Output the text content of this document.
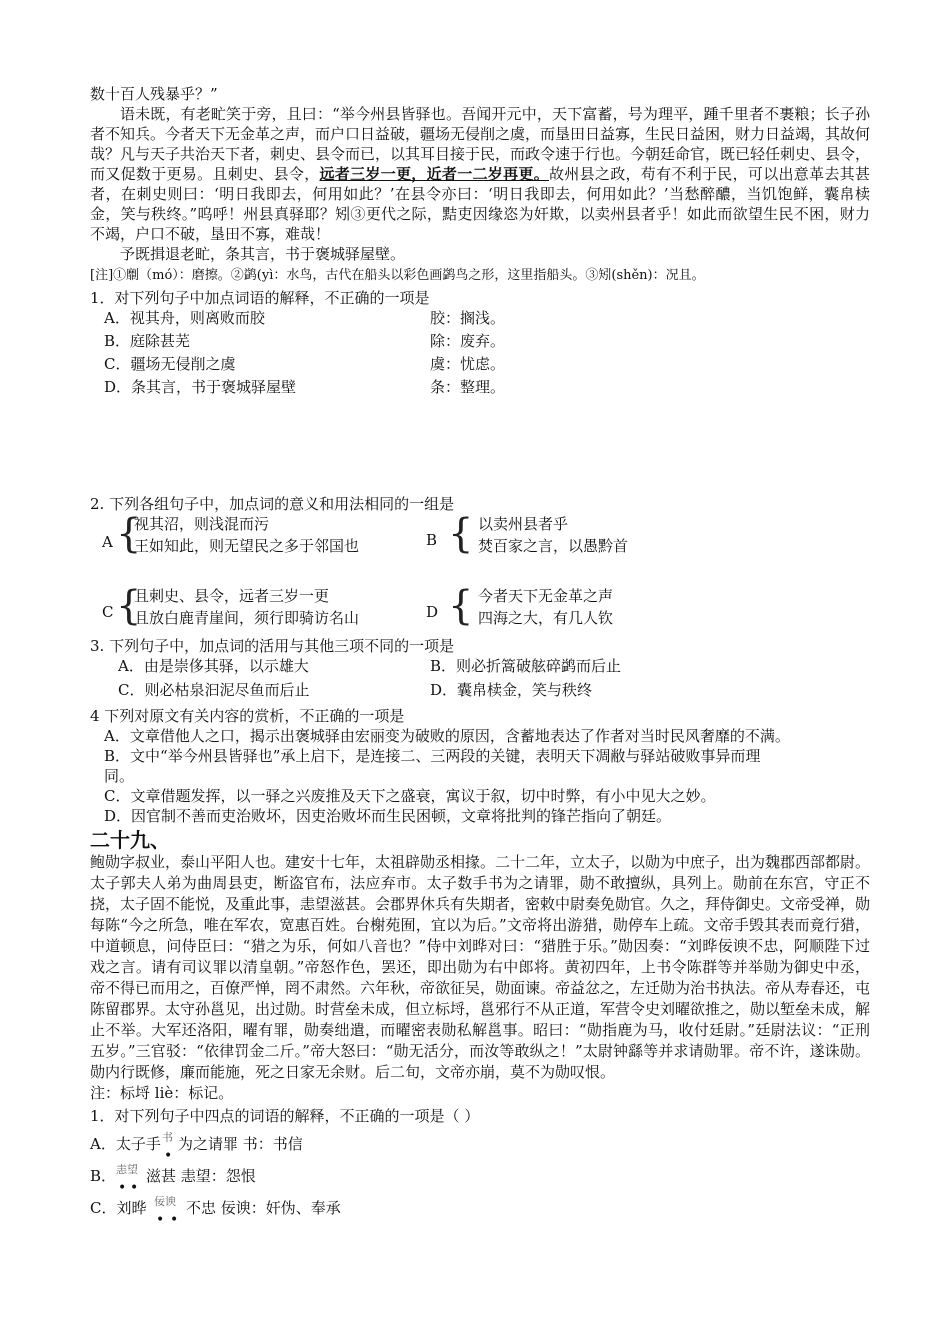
数十百人残暴乎？”

语未既，有老甿笑于旁，且曰：“举今州县皆驿也。吾闻开元中，天下富蓄，号为理平，踵千里者不裹粮；长子孙者不知兵。今者天下无金革之声，而户口日益破，疆场无侵削之虞，而垦田日益寡，生民日益困，财力日益竭，其故何哉？凡与天子共治天下者，刺史、县令而已，以其耳目接于民，而政令速于行也。今朝廷命官，既已轻任刺史、县令，而又促数于更易。且刺史、县令，远者三岁一更，近者一二岁再更。故州县之政，苟有不利于民，可以出意革去其甚者，在刺史则曰：‘明日我即去，何用如此？’在县令亦曰：‘明日我即去，何用如此？’当愁醉醲，当饥饱鲜，囊帛椟金，笑与秩终。”呜呼！州县真驿耶？矧③更代之际，黠吏因缘恣为奸欺，以卖州县者乎！如此而欲望生民不困，财力不竭，户口不破，垦田不寡，难哉！

予既揖退老甿，条其言，书于褒城驿屋壁。

[注]①劘（mó）：磨擦。②鹢(yì：水鸟，古代在船头以彩色画鹢鸟之形，这里指船头。③矧(shěn)：况且。

1．对下列句子中加点词语的解释，不正确的一项是
A．视其舟，则离败而胶	胶：搁浅。
B．庭除甚芜	除：废弃。
C．疆场无侵削之虞	虞：忧虑。
D．条其言，书于褒城驿屋壁	条：整理。
2. 下列各组句子中，加点词的意义和用法相同的一组是
A {
视其沼，则浅混而污
王如知此，则无望民之多于邻国也	B { 以卖州县者乎
焚百家之言，以愚黔首
C {
且刺史、县令，远者三岁一更
且放白鹿青崖间，须行即骑访名山	D { 今者天下无金革之声
四海之大，有几人钦
3. 下列句子中，加点词的活用与其他三项不同的一项是
A．由是崇侈其驿，以示雄大	B．则必折篙破舷碎鹢而后止
C．则必枯泉汩泥尽鱼而后止	D．囊帛椟金，笑与秩终
4 下列对原文有关内容的赏析，不正确的一项是
A．文章借他人之口，揭示出褒城驿由宏丽变为破败的原因，含蓄地表达了作者对当时民风奢靡的不满。
B．文中“举今州县皆驿也”承上启下，是连接二、三两段的关键，表明天下凋敝与驿站破败事异而理
同。
C．文章借题发挥，以一驿之兴废推及天下之盛衰，寓议于叙，切中时弊，有小中见大之妙。
D．因官制不善而吏治败坏，因吏治败坏而生民困顿，文章将批判的锋芒指向了朝廷。
二十九、

鲍勋字叔业，泰山平阳人也。建安十七年，太祖辟勋丞相掾。二十二年，立太子，以勋为中庶子，出为魏郡西部都尉。太子郭夫人弟为曲周县吏，断盗官布，法应弃市。太子数手书为之请罪，勋不敢擅纵，具列上。勋前在东宫，守正不挠，太子固不能悦，及重此事，恚望滋甚。会郡界休兵有失期者，密敕中尉奏免勋官。久之，拜侍御史。文帝受禅，勋每陈“今之所急，唯在军农，宽惠百姓。台榭苑囿，宜以为后。”文帝将出游猎，勋停车上疏。文帝手毁其表而竟行猎，中道顿息，问侍臣曰：“猎之为乐，何如八音也？”侍中刘晔对曰：“猎胜于乐。”勋因奏：“刘晔佞谀不忠，阿顺陛下过戏之言。请有司议罪以清皇朝。”帝怒作色，罢还，即出勋为右中郎将。黄初四年，上书令陈群等并举勋为御史中丞，帝不得已而用之，百僚严惮，罔不肃然。六年秋，帝欲征吴，勋面谏。帝益忿之，左迁勋为治书执法。帝从寿春还，屯陈留郡界。太守孙邕见，出过勋。时营垒未成，但立标埒，邕邪行不从正道，军营令史刘曜欲推之，勋以堑垒未成，解止不举。大军还洛阳，曜有罪，勋奏绌遣，而曜密表勋私解邕事。昭曰：“勋指鹿为马，收付廷尉。”廷尉法议：“正刑五岁。”三官驳：“依律罚金二斤。”帝大怒曰：“勋无活分，而汝等敢纵之！”太尉钟繇等并求请勋罪。帝不许，遂诛勋。勋内行既修，廉而能施，死之日家无余财。后二旬，文帝亦崩，莫不为勋叹恨。

注：标埒 liè：标记。

1．对下列句子中四点的词语的解释，不正确的一项是（ ）
A．太子手 书
•
为之请罪 书：书信
B． 恚望
• •
滋甚 恚望：怨恨
C．刘晔 佞谀
• •
不忠 佞谀：奸伪、奉承
